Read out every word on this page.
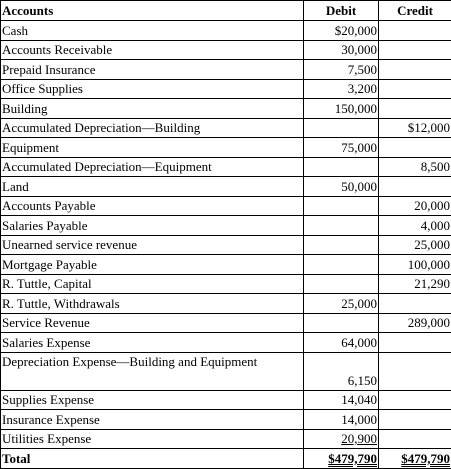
Accounts	Debit	Credit
Cash	$20,000	
Accounts Receivable	30,000	
Prepaid Insurance	7,500	
Office Supplies	3,200	
Building	150,000	
Accumulated Depreciation—Building		$12,000
Equipment	75,000	
Accumulated Depreciation—Equipment		8,500
Land	50,000	
Accounts Payable		20,000
Salaries Payable		4,000
Unearned service revenue		25,000
Mortgage Payable		100,000
R. Tuttle, Capital		21,290
R. Tuttle, Withdrawals	25,000	
Service Revenue		289,000
Salaries Expense	64,000	
Depreciation Expense—Building and Equipment	6,150	
Supplies Expense	14,040	
Insurance Expense	14,000	
Utilities Expense	20,900	
Total	$479,790	$479,790
